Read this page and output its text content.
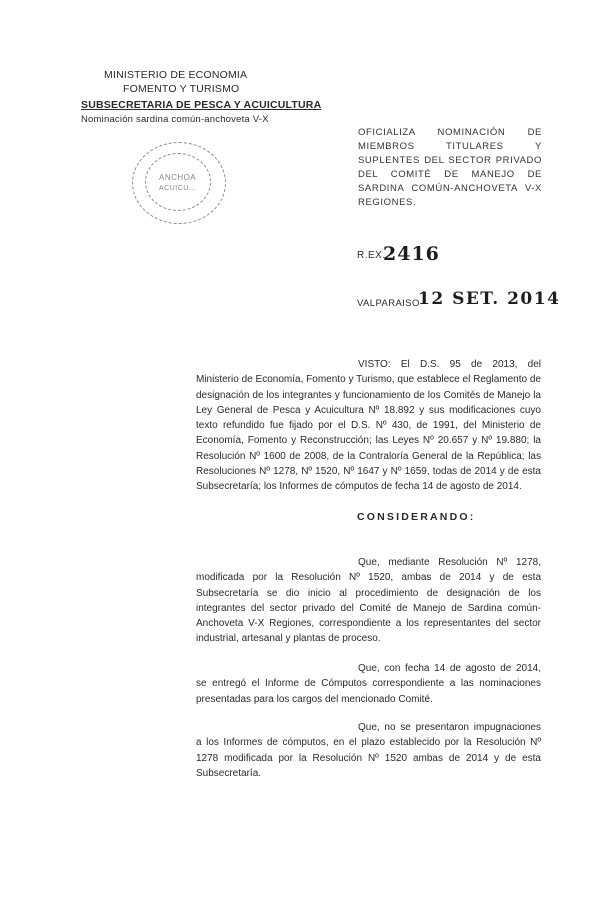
MINISTERIO DE ECONOMIA
FOMENTO Y TURISMO
SUBSECRETARIA DE PESCA Y ACUICULTURA
Nominación sardina común-anchoveta V-X
ANCHOA
ACUICU...
OFICIALIZA NOMINACIÓN DE MIEMBROS TITULARES Y SUPLENTES DEL SECTOR PRIVADO DEL COMITÉ DE MANEJO DE SARDINA COMÚN-ANCHOVETA V-X REGIONES.
R.EX.
2416
VALPARAISO
12 SET. 2014
VISTO: El D.S. 95 de 2013, del Ministerio de Economía, Fomento y Turismo, que establece el Reglamento de designación de los integrantes y funcionamiento de los Comités de Manejo la Ley General de Pesca y Acuicultura Nº 18.892 y sus modificaciones cuyo texto refundido fue fijado por el D.S. Nº 430, de 1991, del Ministerio de Economía, Fomento y Reconstrucción; las Leyes Nº 20.657 y Nº 19.880; la Resolución Nº 1600 de 2008, de la Contraloría General de la República; las Resoluciones Nº 1278, Nº 1520, Nº 1647 y Nº 1659, todas de 2014 y de esta Subsecretaría; los Informes de cómputos de fecha 14 de agosto de 2014.
CONSIDERANDO:
Que, mediante Resolución Nº 1278, modificada por la Resolución Nº 1520, ambas de 2014 y de esta Subsecretaría se dio inicio al procedimiento de designación de los integrantes del sector privado del Comité de Manejo de Sardina común-Anchoveta V-X Regiones, correspondiente a los representantes del sector industrial, artesanal y plantas de proceso.
Que, con fecha 14 de agosto de 2014, se entregó el Informe de Cómputos correspondiente a las nominaciones presentadas para los cargos del mencionado Comité.
Que, no se presentaron impugnaciones a los Informes de cómputos, en el plazo establecido por la Resolución Nº 1278 modificada por la Resolución Nº 1520 ambas de 2014 y de esta Subsecretaría.
